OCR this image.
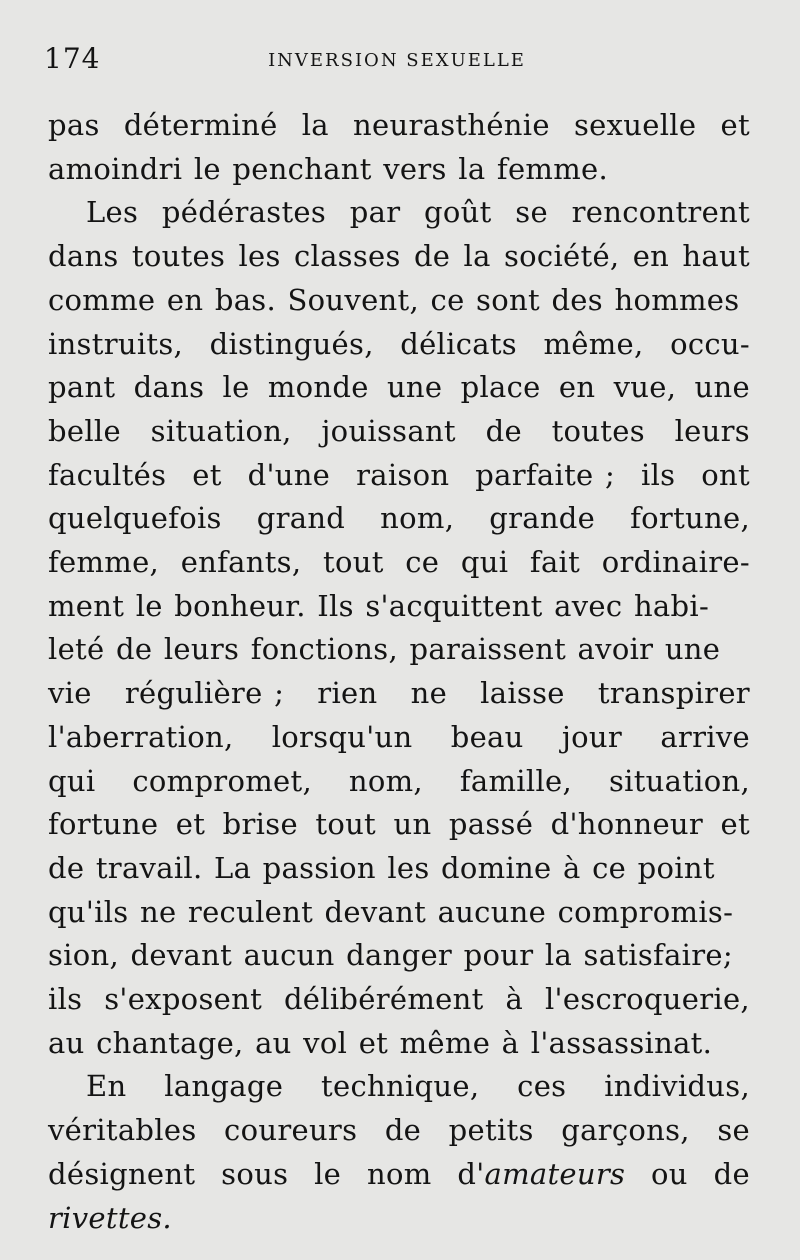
174	INVERSION SEXUELLE
pas déterminé la neurasthénie sexuelle et
amoindri le penchant vers la femme.
Les pédérastes par goût se rencontrent
dans toutes les classes de la société, en haut
comme en bas. Souvent, ce sont des hommes
instruits, distingués, délicats même, occu-
pant dans le monde une place en vue, une
belle situation, jouissant de toutes leurs
facultés et d'une raison parfaite ; ils ont
quelquefois grand nom, grande fortune,
femme, enfants, tout ce qui fait ordinaire-
ment le bonheur. Ils s'acquittent avec habi-
leté de leurs fonctions, paraissent avoir une
vie régulière ; rien ne laisse transpirer
l'aberration, lorsqu'un beau jour arrive
qui compromet, nom, famille, situation,
fortune et brise tout un passé d'honneur et
de travail. La passion les domine à ce point
qu'ils ne reculent devant aucune compromis-
sion, devant aucun danger pour la satisfaire;
ils s'exposent délibérément à l'escroquerie,
au chantage, au vol et même à l'assassinat.
En langage technique, ces individus,
véritables coureurs de petits garçons, se
désignent sous le nom d'amateurs ou de
rivettes.
